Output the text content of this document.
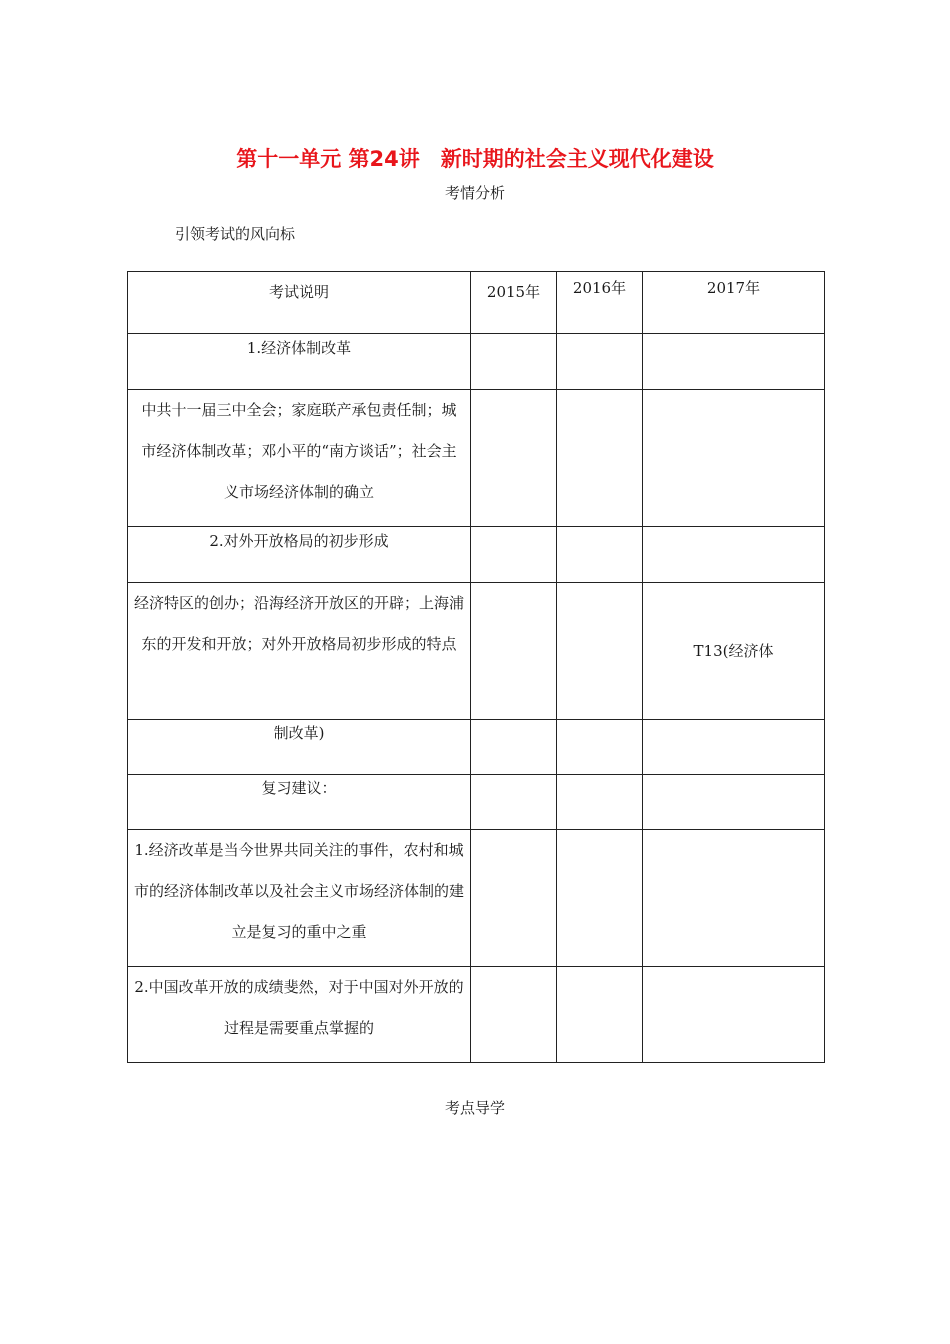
第十一单元 第24讲　新时期的社会主义现代化建设
考情分析
引领考试的风向标
考试说明	2015年	2016年	2017年
1.经济体制改革			
中共十一届三中全会；家庭联产承包责任制；城市经济体制改革；邓小平的“南方谈话”；社会主义市场经济体制的确立			
2.对外开放格局的初步形成			
经济特区的创办；沿海经济开放区的开辟；上海浦东的开发和开放；对外开放格局初步形成的特点			T13(经济体
制改革)			
复习建议：			
1.经济改革是当今世界共同关注的事件，农村和城市的经济体制改革以及社会主义市场经济体制的建立是复习的重中之重			
2.中国改革开放的成绩斐然，对于中国对外开放的过程是需要重点掌握的			
考点导学
